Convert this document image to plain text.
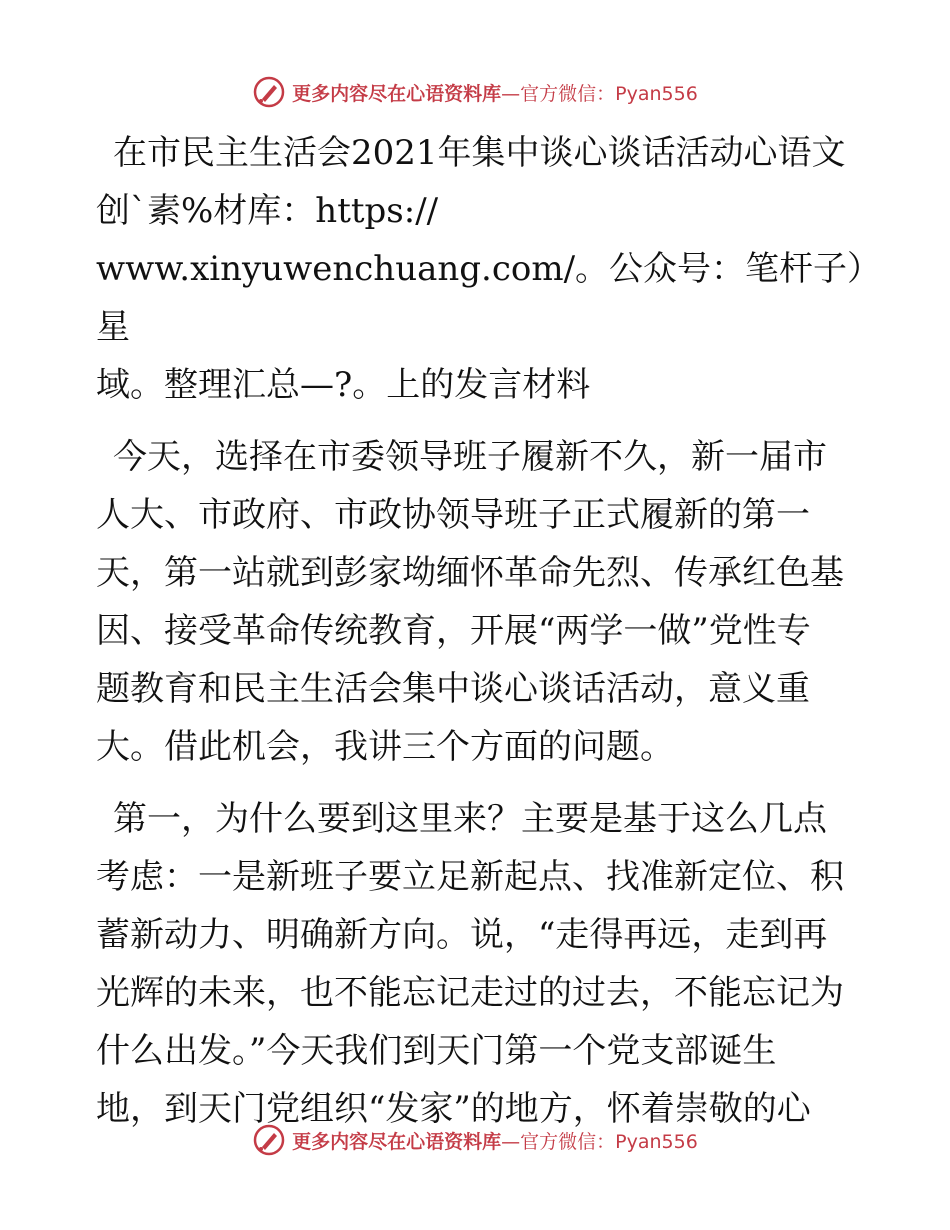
更多内容尽在心语资料库 —官方微信：Pyan556

在市民主生活会2021年集中谈心谈话活动心语文

创`素%材库：https://

www.xinyuwenchuang.com/。公众号：笔杆子）星

域。整理汇总—?。上的发言材料

今天，选择在市委领导班子履新不久，新一届市

人大、市政府、市政协领导班子正式履新的第一

天，第一站就到彭家坳缅怀革命先烈、传承红色基

因、接受革命传统教育，开展“两学一做”党性专

题教育和民主生活会集中谈心谈话活动，意义重

大。借此机会，我讲三个方面的问题。

第一，为什么要到这里来？主要是基于这么几点

考虑：一是新班子要立足新起点、找准新定位、积

蓄新动力、明确新方向。说，“走得再远，走到再

光辉的未来，也不能忘记走过的过去，不能忘记为

什么出发。”今天我们到天门第一个党支部诞生

地，到天门党组织“发家”的地方，怀着崇敬的心

更多内容尽在心语资料库 —官方微信：Pyan556
